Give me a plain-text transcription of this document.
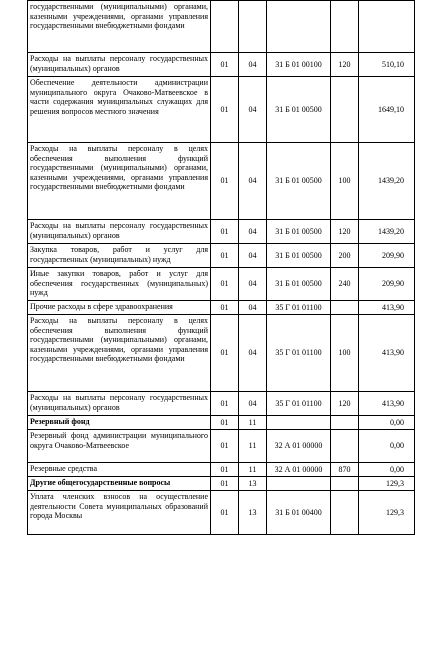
государственными (муниципальными) органами, казенными учреждениями, органами управления государственными внебюджетными фондами					
Расходы на выплаты персоналу государственных (муниципальных) органов	01	04	31 Б 01 00100	120	510,10
Обеспечение деятельности администрации муниципального округа Очаково-Матвеевское в части содержания муниципальных служащих для решения вопросов местного значения	01	04	31 Б 01 00500		1649,10
Расходы на выплаты персоналу в целях обеспечения выполнения функций государственными (муниципальными) органами, казенными учреждениями, органами управления государственными внебюджетными фондами	01	04	31 Б 01 00500	100	1439,20
Расходы на выплаты персоналу государственных (муниципальных) органов	01	04	31 Б 01 00500	120	1439,20
Закупка товаров, работ и услуг для государственных (муниципальных) нужд	01	04	31 Б 01 00500	200	209,90
Иные закупки товаров, работ и услуг для обеспечения государственных (муниципальных) нужд	01	04	31 Б 01 00500	240	209,90
Прочие расходы в сфере здравоохранения	01	04	35 Г 01 01100		413,90
Расходы на выплаты персоналу в целях обеспечения выполнения функций государственными (муниципальными) органами, казенными учреждениями, органами управления государственными внебюджетными фондами	01	04	35 Г 01 01100	100	413,90
Расходы на выплаты персоналу государственных (муниципальных) органов	01	04	35 Г 01 01100	120	413,90
Резервный фонд	01	11			0,00
Резервный фонд администрации муниципального округа Очаково-Матвеевское	01	11	32 А 01 00000		0,00
Резервные средства	01	11	32 А 01 00000	870	0,00
Другие общегосударственные вопросы	01	13			129,3
Уплата членских взносов на осуществление деятельности Совета муниципальных образований города Москвы	01	13	31 Б 01 00400		129,3
